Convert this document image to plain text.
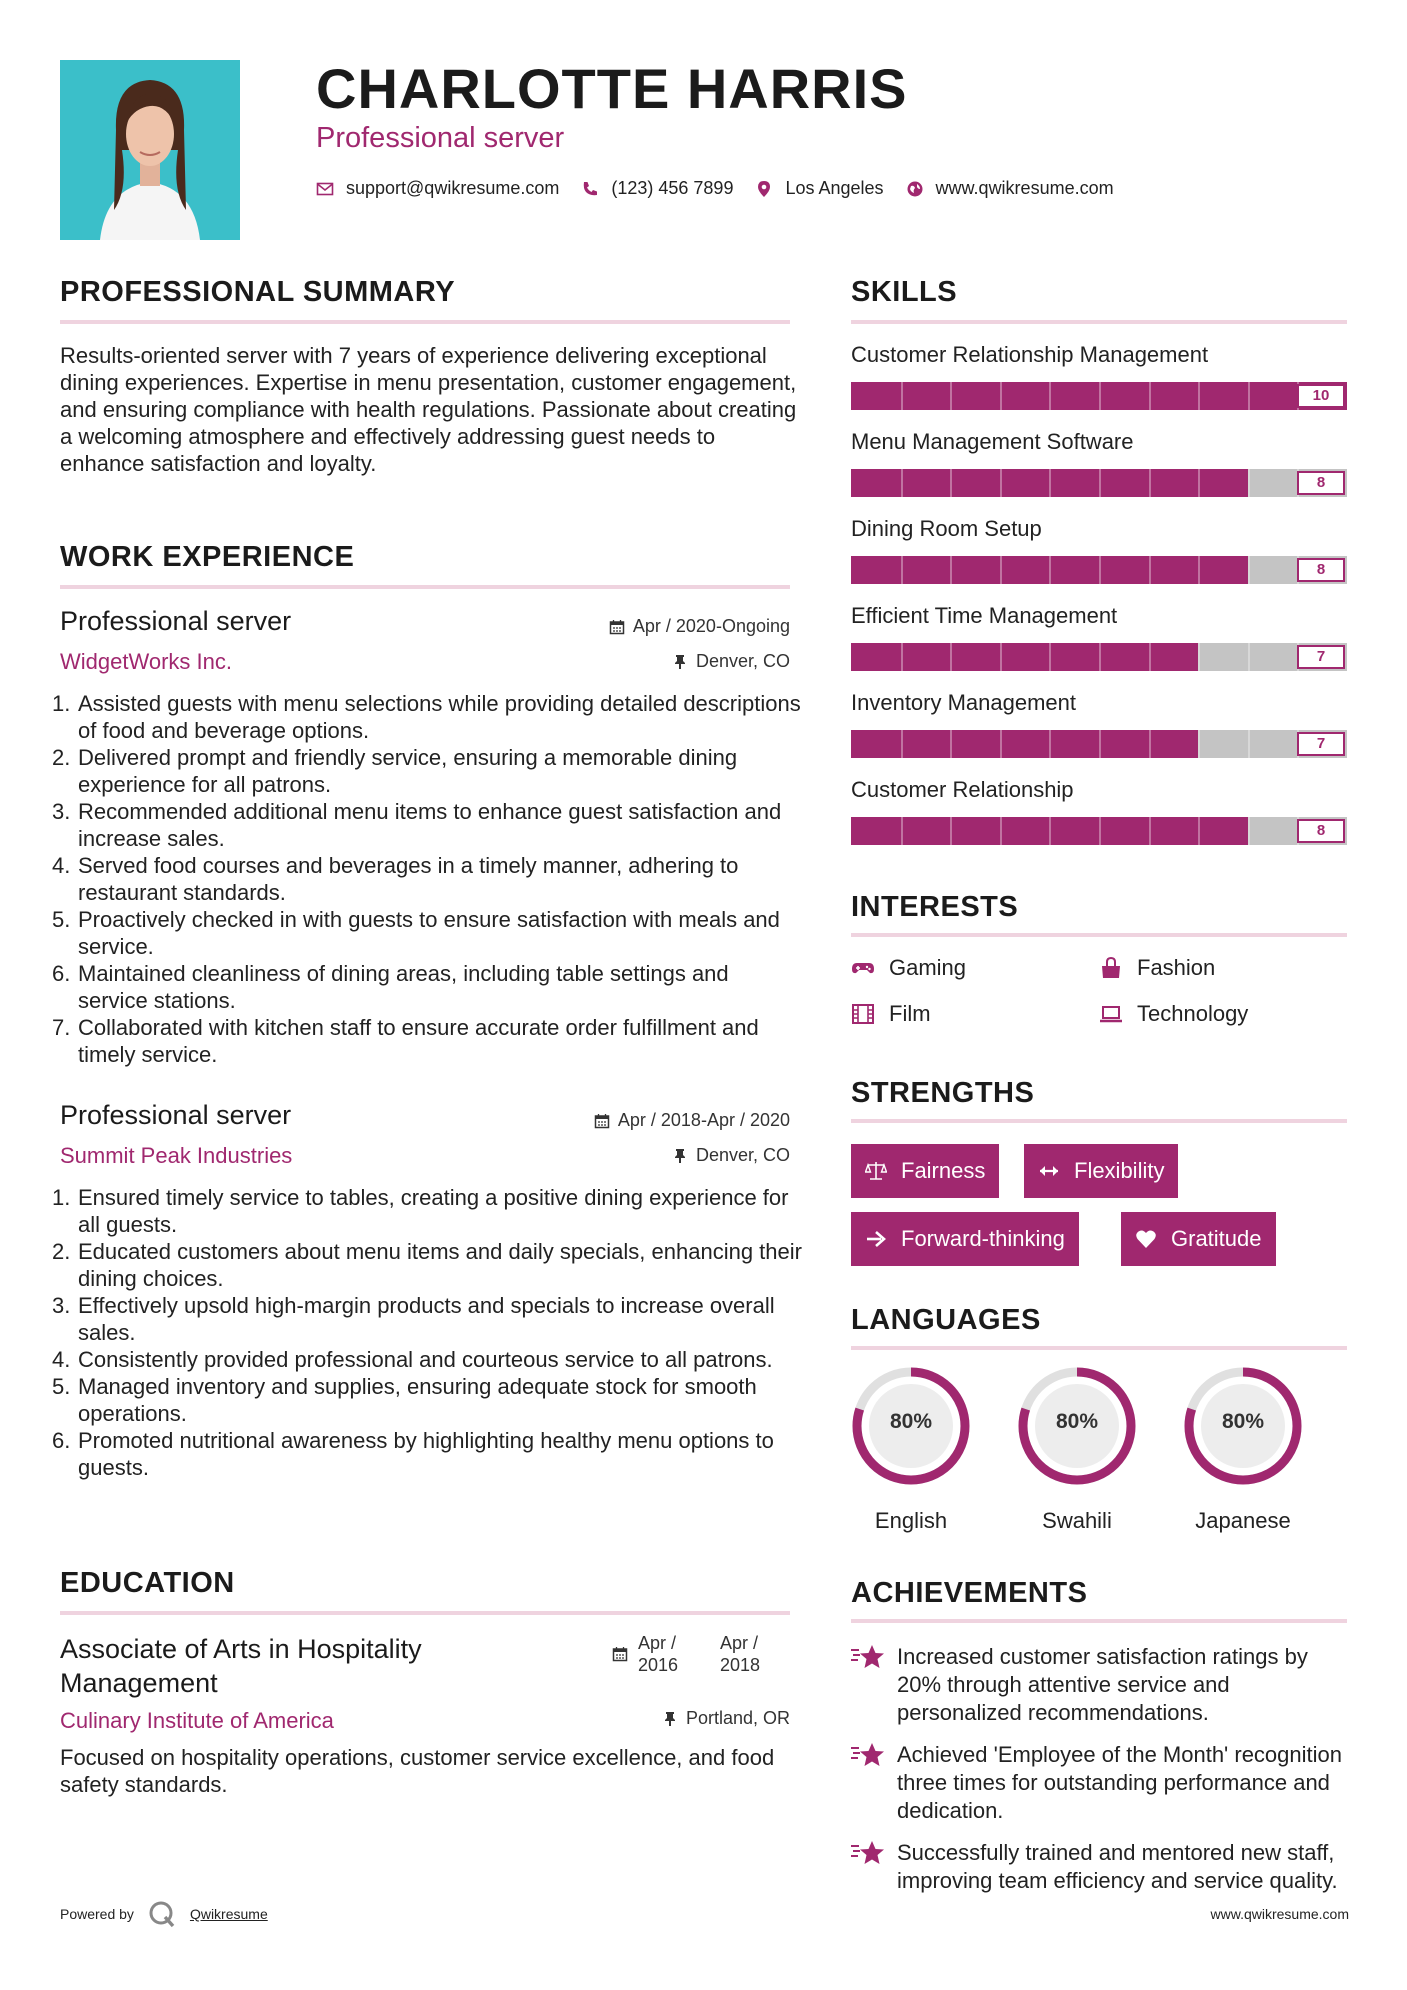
CHARLOTTE HARRIS
Professional server
support@qwikresume.com	(123) 456 7899	Los Angeles	www.qwikresume.com
PROFESSIONAL SUMMARY
Results-oriented server with 7 years of experience delivering exceptional dining experiences. Expertise in menu presentation, customer engagement, and ensuring compliance with health regulations. Passionate about creating a welcoming atmosphere and effectively addressing guest needs to enhance satisfaction and loyalty.
WORK EXPERIENCE
Professional server	Apr / 2020-Ongoing
WidgetWorks Inc.	Denver, CO
1. Assisted guests with menu selections while providing detailed descriptions of food and beverage options.
2. Delivered prompt and friendly service, ensuring a memorable dining experience for all patrons.
3. Recommended additional menu items to enhance guest satisfaction and increase sales.
4. Served food courses and beverages in a timely manner, adhering to restaurant standards.
5. Proactively checked in with guests to ensure satisfaction with meals and service.
6. Maintained cleanliness of dining areas, including table settings and service stations.
7. Collaborated with kitchen staff to ensure accurate order fulfillment and timely service.
Professional server	Apr / 2018-Apr / 2020
Summit Peak Industries	Denver, CO
1. Ensured timely service to tables, creating a positive dining experience for all guests.
2. Educated customers about menu items and daily specials, enhancing their dining choices.
3. Effectively upsold high-margin products and specials to increase overall sales.
4. Consistently provided professional and courteous service to all patrons.
5. Managed inventory and supplies, ensuring adequate stock for smooth operations.
6. Promoted nutritional awareness by highlighting healthy menu options to guests.
EDUCATION
Associate of Arts in Hospitality Management
Apr / 2016
Apr / 2018
Culinary Institute of America	Portland, OR
Focused on hospitality operations, customer service excellence, and food safety standards.
SKILLS
Customer Relationship Management
10
Menu Management Software
8
Dining Room Setup
8
Efficient Time Management
7
Inventory Management
7
Customer Relationship
8
INTERESTS
Gaming	Fashion
Film	Technology
STRENGTHS
Fairness	Flexibility
Forward-thinking	Gratitude
LANGUAGES
80%
English
80%
Swahili
80%
Japanese
ACHIEVEMENTS
Increased customer satisfaction ratings by 20% through attentive service and personalized recommendations.
Achieved 'Employee of the Month' recognition three times for outstanding performance and dedication.
Successfully trained and mentored new staff, improving team efficiency and service quality.
Powered by	Qwikresume	www.qwikresume.com
